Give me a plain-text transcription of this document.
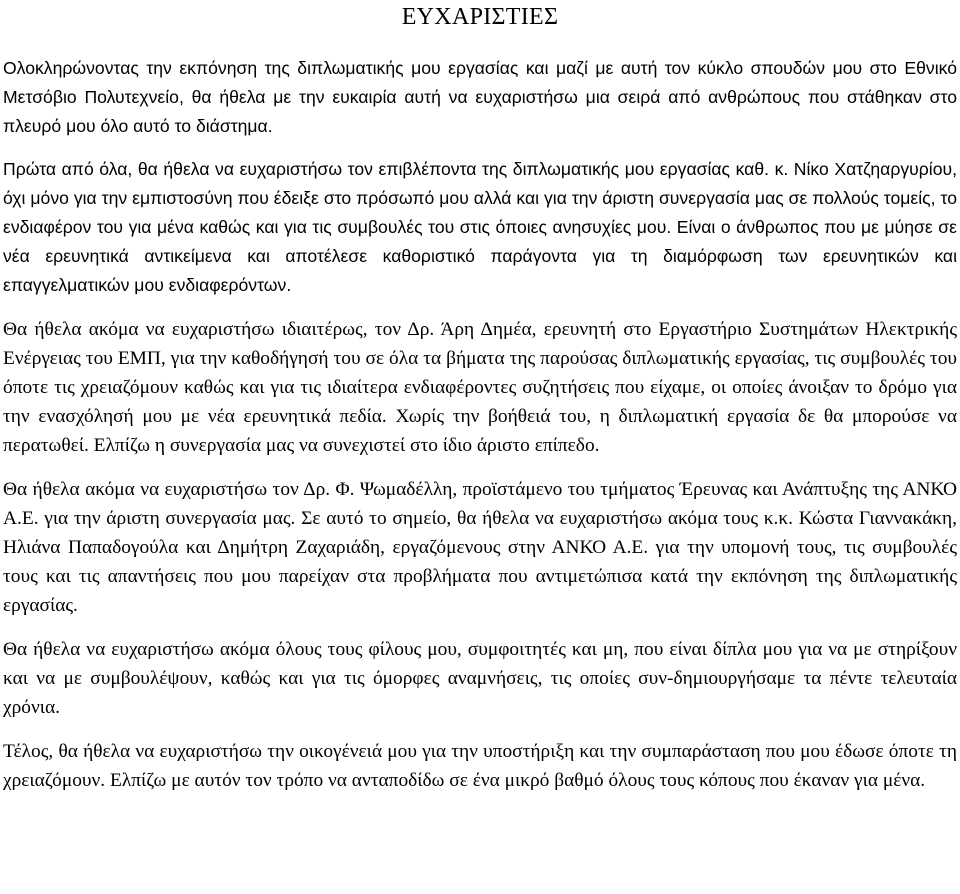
ΕΥΧΑΡΙΣΤΙΕΣ

Ολοκληρώνοντας την εκπόνηση της διπλωματικής μου εργασίας και μαζί με αυτή τον κύκλο σπουδών μου στο Εθνικό Μετσόβιο Πολυτεχνείο, θα ήθελα με την ευκαιρία αυτή να ευχαριστήσω μια σειρά από ανθρώπους που στάθηκαν στο πλευρό μου όλο αυτό το διάστημα.

Πρώτα από όλα, θα ήθελα να ευχαριστήσω τον επιβλέποντα της διπλωματικής μου εργασίας καθ. κ. Νίκο Χατζηαργυρίου, όχι μόνο για την εμπιστοσύνη που έδειξε στο πρόσωπό μου αλλά και για την άριστη συνεργασία μας σε πολλούς τομείς, το ενδιαφέρον του για μένα καθώς και για τις συμβουλές του στις όποιες ανησυχίες μου. Είναι ο άνθρωπος που με μύησε σε νέα ερευνητικά αντικείμενα και αποτέλεσε καθοριστικό παράγοντα για τη διαμόρφωση των ερευνητικών και επαγγελματικών μου ενδιαφερόντων.

Θα ήθελα ακόμα να ευχαριστήσω ιδιαιτέρως, τον Δρ. Άρη Δημέα, ερευνητή στο Εργαστήριο Συστημάτων Ηλεκτρικής Ενέργειας του ΕΜΠ, για την καθοδήγησή του σε όλα τα βήματα της παρούσας διπλωματικής εργασίας, τις συμβουλές του όποτε τις χρειαζόμουν καθώς και για τις ιδιαίτερα ενδιαφέροντες συζητήσεις που είχαμε, οι οποίες άνοιξαν το δρόμο για την ενασχόλησή μου με νέα ερευνητικά πεδία. Χωρίς την βοήθειά του, η διπλωματική εργασία δε θα μπορούσε να περατωθεί. Ελπίζω η συνεργασία μας να συνεχιστεί στο ίδιο άριστο επίπεδο.

Θα ήθελα ακόμα να ευχαριστήσω τον Δρ. Φ. Ψωμαδέλλη, προϊστάμενο του τμήματος Έρευνας και Ανάπτυξης της ΑΝΚΟ Α.Ε. για την άριστη συνεργασία μας. Σε αυτό το σημείο, θα ήθελα να ευχαριστήσω ακόμα τους κ.κ. Κώστα Γιαννακάκη, Ηλιάνα Παπαδογούλα και Δημήτρη Ζαχαριάδη, εργαζόμενους στην ΑΝΚΟ Α.Ε. για την υπομονή τους, τις συμβουλές τους και τις απαντήσεις που μου παρείχαν στα προβλήματα που αντιμετώπισα κατά την εκπόνηση της διπλωματικής εργασίας.

Θα ήθελα να ευχαριστήσω ακόμα όλους τους φίλους μου, συμφοιτητές και μη, που είναι δίπλα μου για να με στηρίξουν και να με συμβουλέψουν, καθώς και για τις όμορφες αναμνήσεις, τις οποίες συν-δημιουργήσαμε τα πέντε τελευταία χρόνια.

Τέλος, θα ήθελα να ευχαριστήσω την οικογένειά μου για την υποστήριξη και την συμπαράσταση που μου έδωσε όποτε τη χρειαζόμουν. Ελπίζω με αυτόν τον τρόπο να ανταποδίδω σε ένα μικρό βαθμό όλους τους κόπους που έκαναν για μένα.
